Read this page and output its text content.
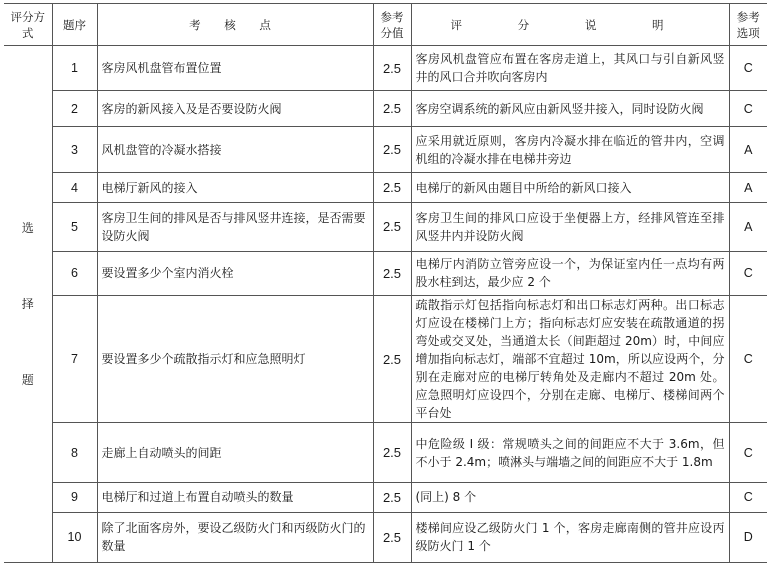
评分方式	题序	考 核 点	参考分值	评 分 说 明	参考选项

选
择
题	1	客房风机盘管布置位置	2.5	客房风机盘管应布置在客房走道上，其风口与引自新风竖井的风口合并吹向客房内	C
	2	客房的新风接入及是否要设防火阀	2.5	客房空调系统的新风应由新风竖井接入，同时设防火阀	C
	3	风机盘管的冷凝水搭接	2.5	应采用就近原则，客房内冷凝水排在临近的管井内，空调机组的冷凝水排在电梯井旁边	A
	4	电梯厅新风的接入	2.5	电梯厅的新风由题目中所给的新风口接入	A
	5	客房卫生间的排风是否与排风竖井连接，是否需要设防火阀	2.5	客房卫生间的排风口应设于坐便器上方，经排风管连至排风竖井内并设防火阀	A
	6	要设置多少个室内消火栓	2.5	电梯厅内消防立管旁应设一个，为保证室内任一点均有两股水柱到达，最少应 2 个	C
	7	要设置多少个疏散指示灯和应急照明灯	2.5	疏散指示灯包括指向标志灯和出口标志灯两种。出口标志灯应设在楼梯门上方；指向标志灯应安装在疏散通道的拐弯处或交叉处，当通道太长（间距超过 20m）时，中间应增加指向标志灯，端部不宜超过 10m，所以应设两个，分别在走廊对应的电梯厅转角处及走廊内不超过 20m 处。应急照明灯应设四个，分别在走廊、电梯厅、楼梯间两个平台处	C
	8	走廊上自动喷头的间距	2.5	中危险级 I 级：常规喷头之间的间距应不大于 3.6m，但不小于 2.4m；喷淋头与端墙之间的间距应不大于 1.8m	C
	9	电梯厅和过道上布置自动喷头的数量	2.5	(同上) 8 个	C
	10	除了北面客房外，要设乙级防火门和丙级防火门的数量	2.5	楼梯间应设乙级防火门 1 个，客房走廊南侧的管井应设丙级防火门 1 个	D
